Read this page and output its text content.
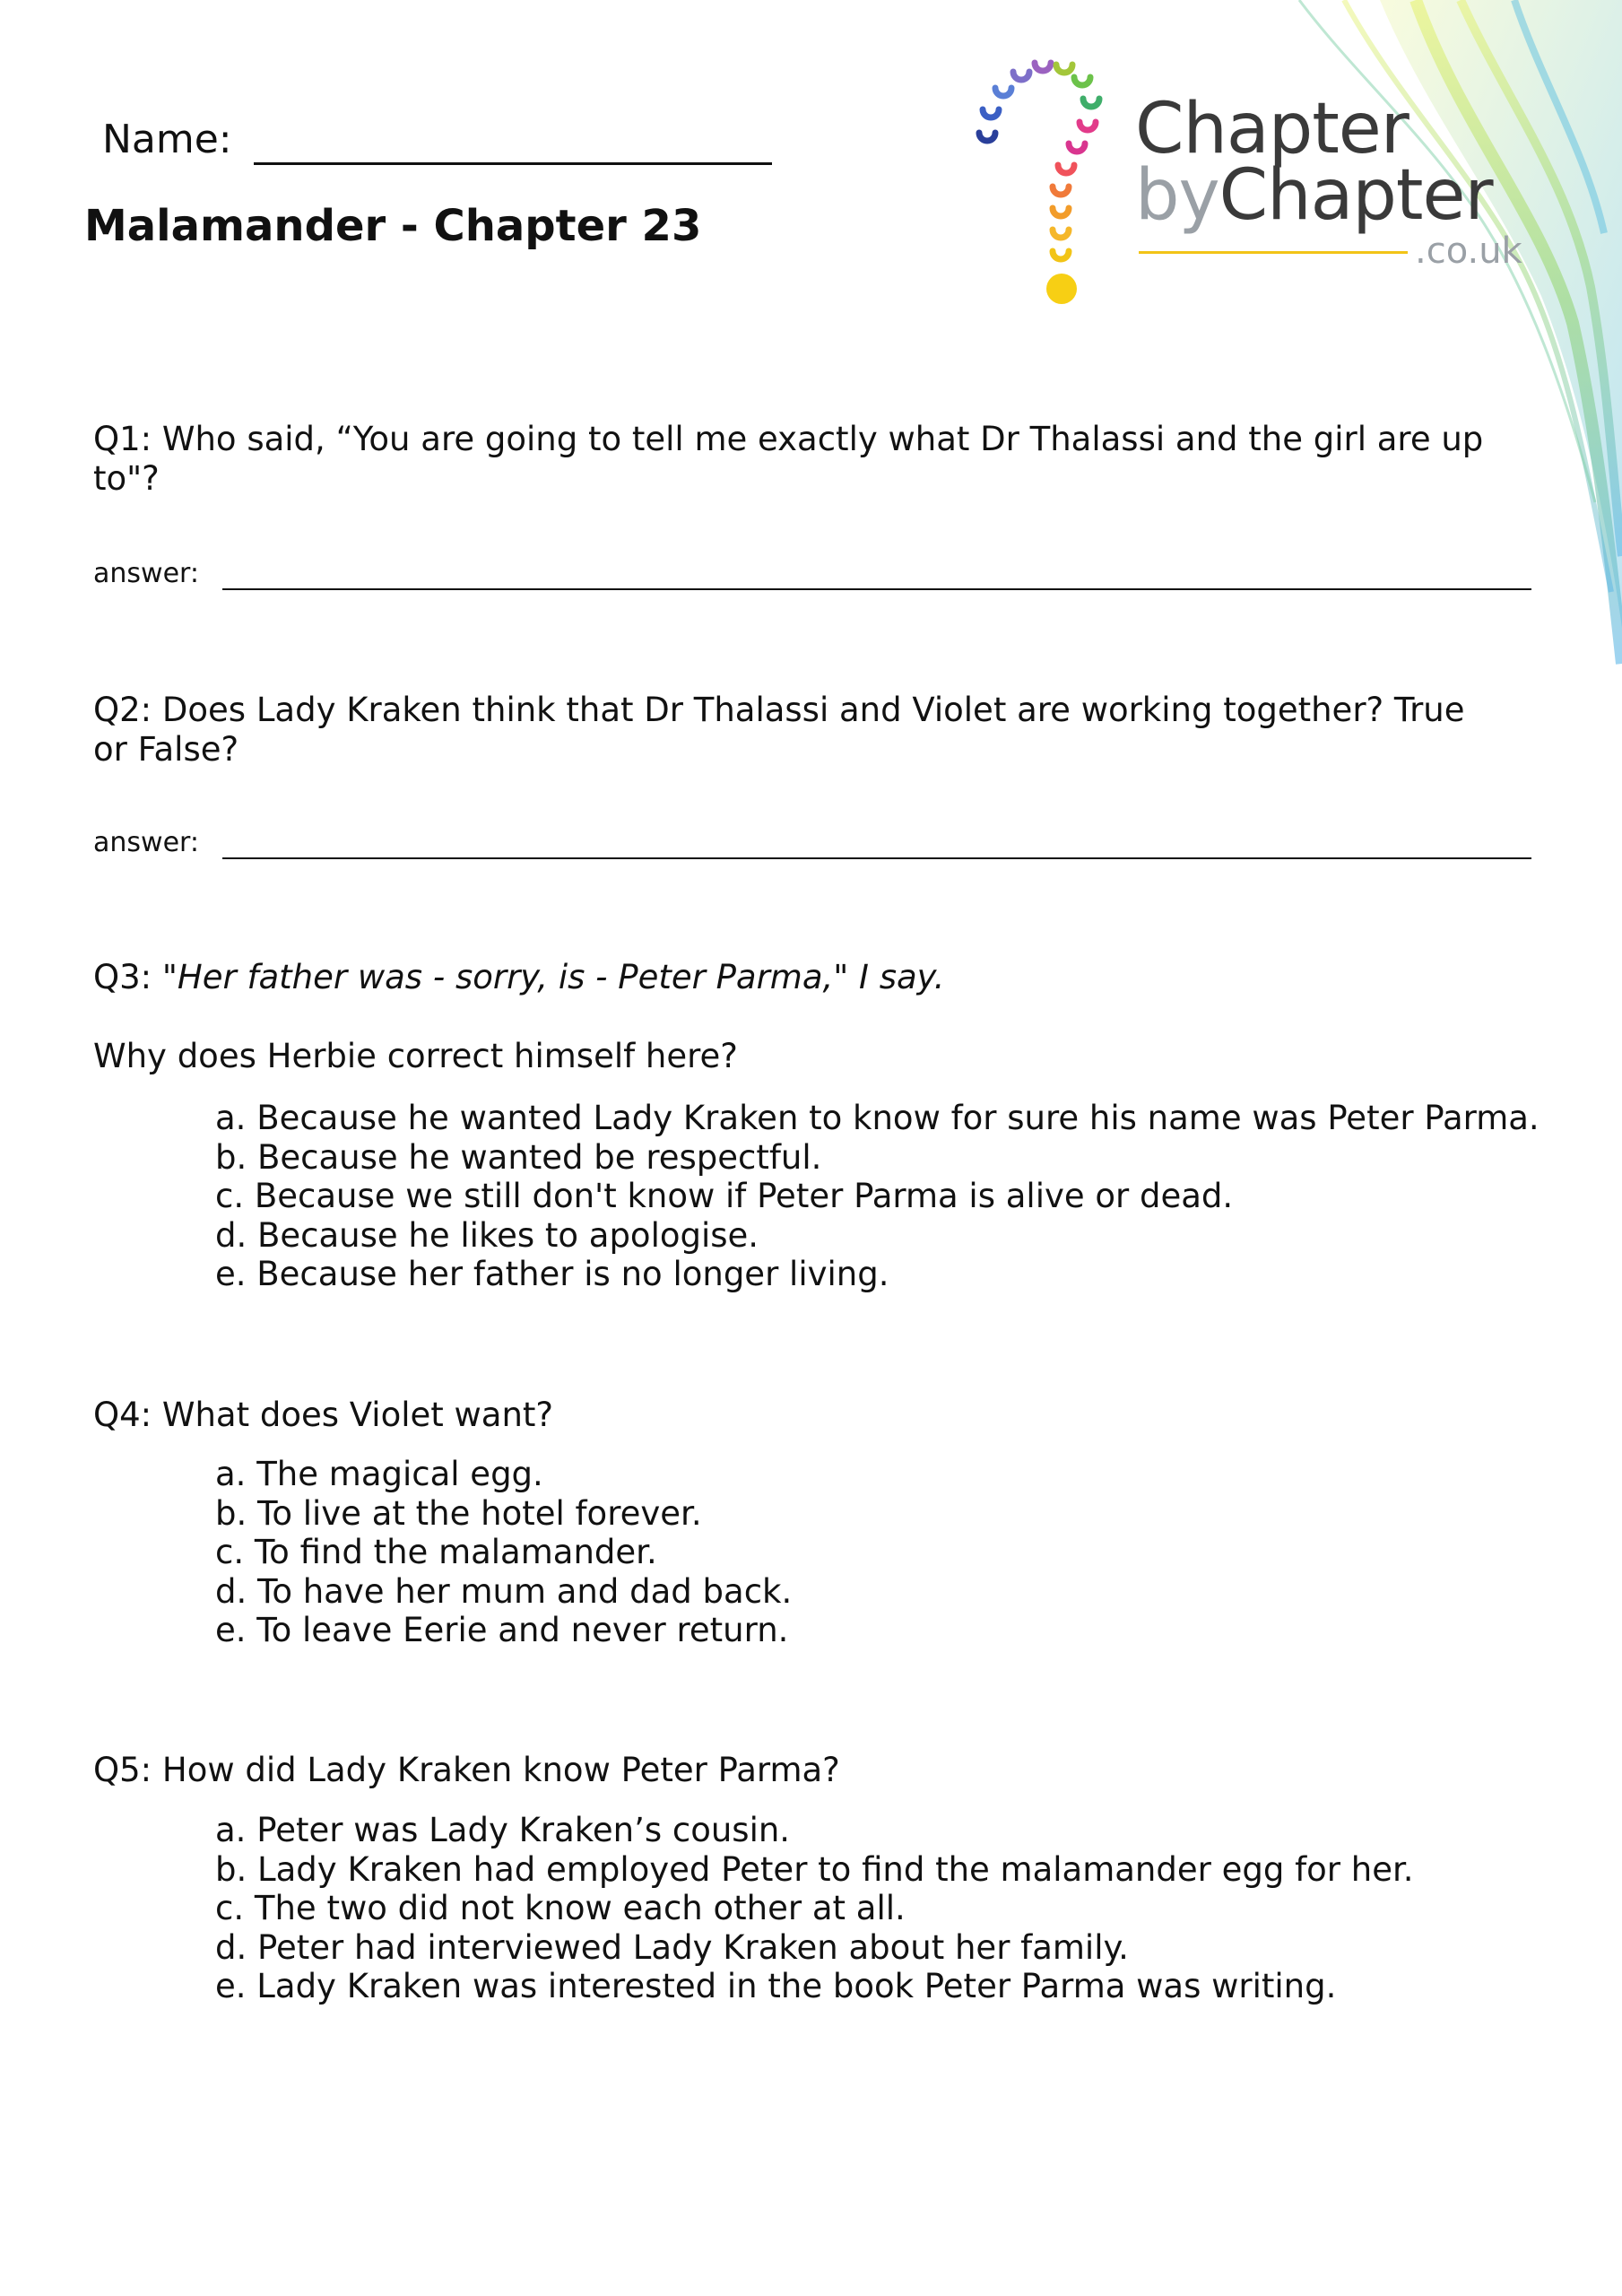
Name:
Malamander - Chapter 23
Chapter
byChapter
.co.uk
Q1: Who said, “You are going to tell me exactly what Dr Thalassi and the girl are up to"?
answer:
Q2: Does Lady Kraken think that Dr Thalassi and Violet are working together? True or False?
answer:
Q3: "Her father was - sorry, is - Peter Parma," I say.
Why does Herbie correct himself here?
a. Because he wanted Lady Kraken to know for sure his name was Peter Parma.
b. Because he wanted be respectful.
c. Because we still don't know if Peter Parma is alive or dead.
d. Because he likes to apologise.
e. Because her father is no longer living.
Q4: What does Violet want?
a. The magical egg.
b. To live at the hotel forever.
c. To find the malamander.
d. To have her mum and dad back.
e. To leave Eerie and never return.
Q5: How did Lady Kraken know Peter Parma?
a. Peter was Lady Kraken’s cousin.
b. Lady Kraken had employed Peter to find the malamander egg for her.
c. The two did not know each other at all.
d. Peter had interviewed Lady Kraken about her family.
e. Lady Kraken was interested in the book Peter Parma was writing.
